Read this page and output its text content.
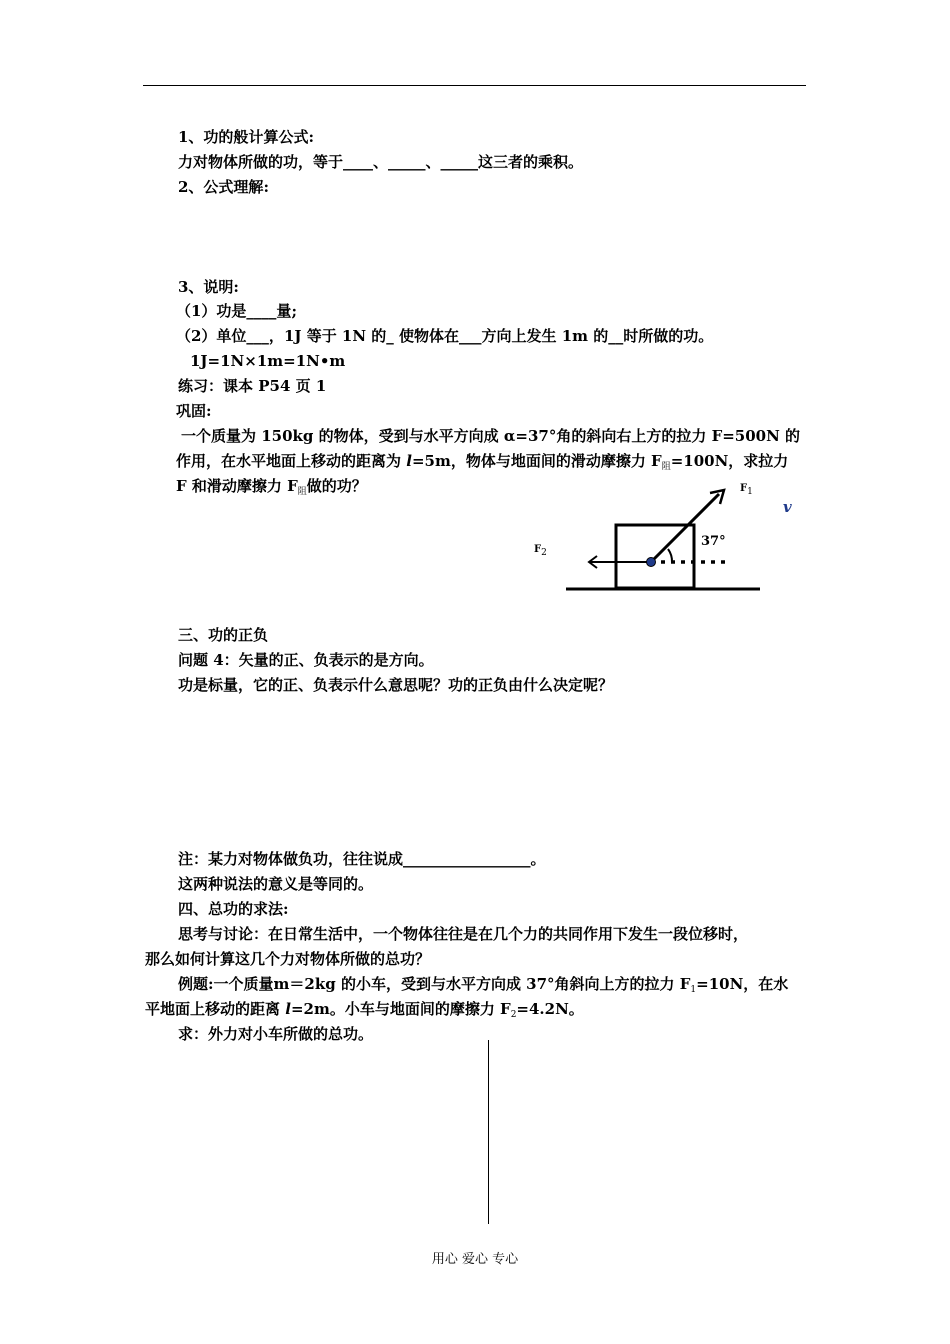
1、功的般计算公式:
力对物体所做的功，等于____、_____、_____这三者的乘积。
2、公式理解:
3、说明:
（1）功是____量;
（2）单位___，1J 等于 1N 的_ 使物体在___方向上发生 1m 的__时所做的功。
1J=1N×1m=1N•m
练习：课本 P54 页 1
巩固:
一个质量为 150kg 的物体，受到与水平方向成 α=37°角的斜向右上方的拉力 F=500N 的
作用，在水平地面上移动的距离为 l=5m，物体与地面间的滑动摩擦力 $F_阻=100N$，求拉力
F 和滑动摩擦力 $F_阻$做的功？	F1
F2
37°
v
三、功的正负
问题 4：矢量的正、负表示的是方向。
功是标量，它的正、负表示什么意思呢？功的正负由什么决定呢？
注：某力对物体做负功，往往说成_________________。
这两种说法的意义是等同的。
四、总功的求法:
思考与讨论：在日常生活中，一个物体往往是在几个力的共同作用下发生一段位移时，
那么如何计算这几个力对物体所做的总功？
例题:一个质量m＝2kg 的小车，受到与水平方向成 37°角斜向上方的拉力 $F_1=10N$，在水
平地面上移动的距离 l=2m。小车与地面间的摩擦力 $F_2=4.2N$。
求：外力对小车所做的总功。
用心 爱心 专心
